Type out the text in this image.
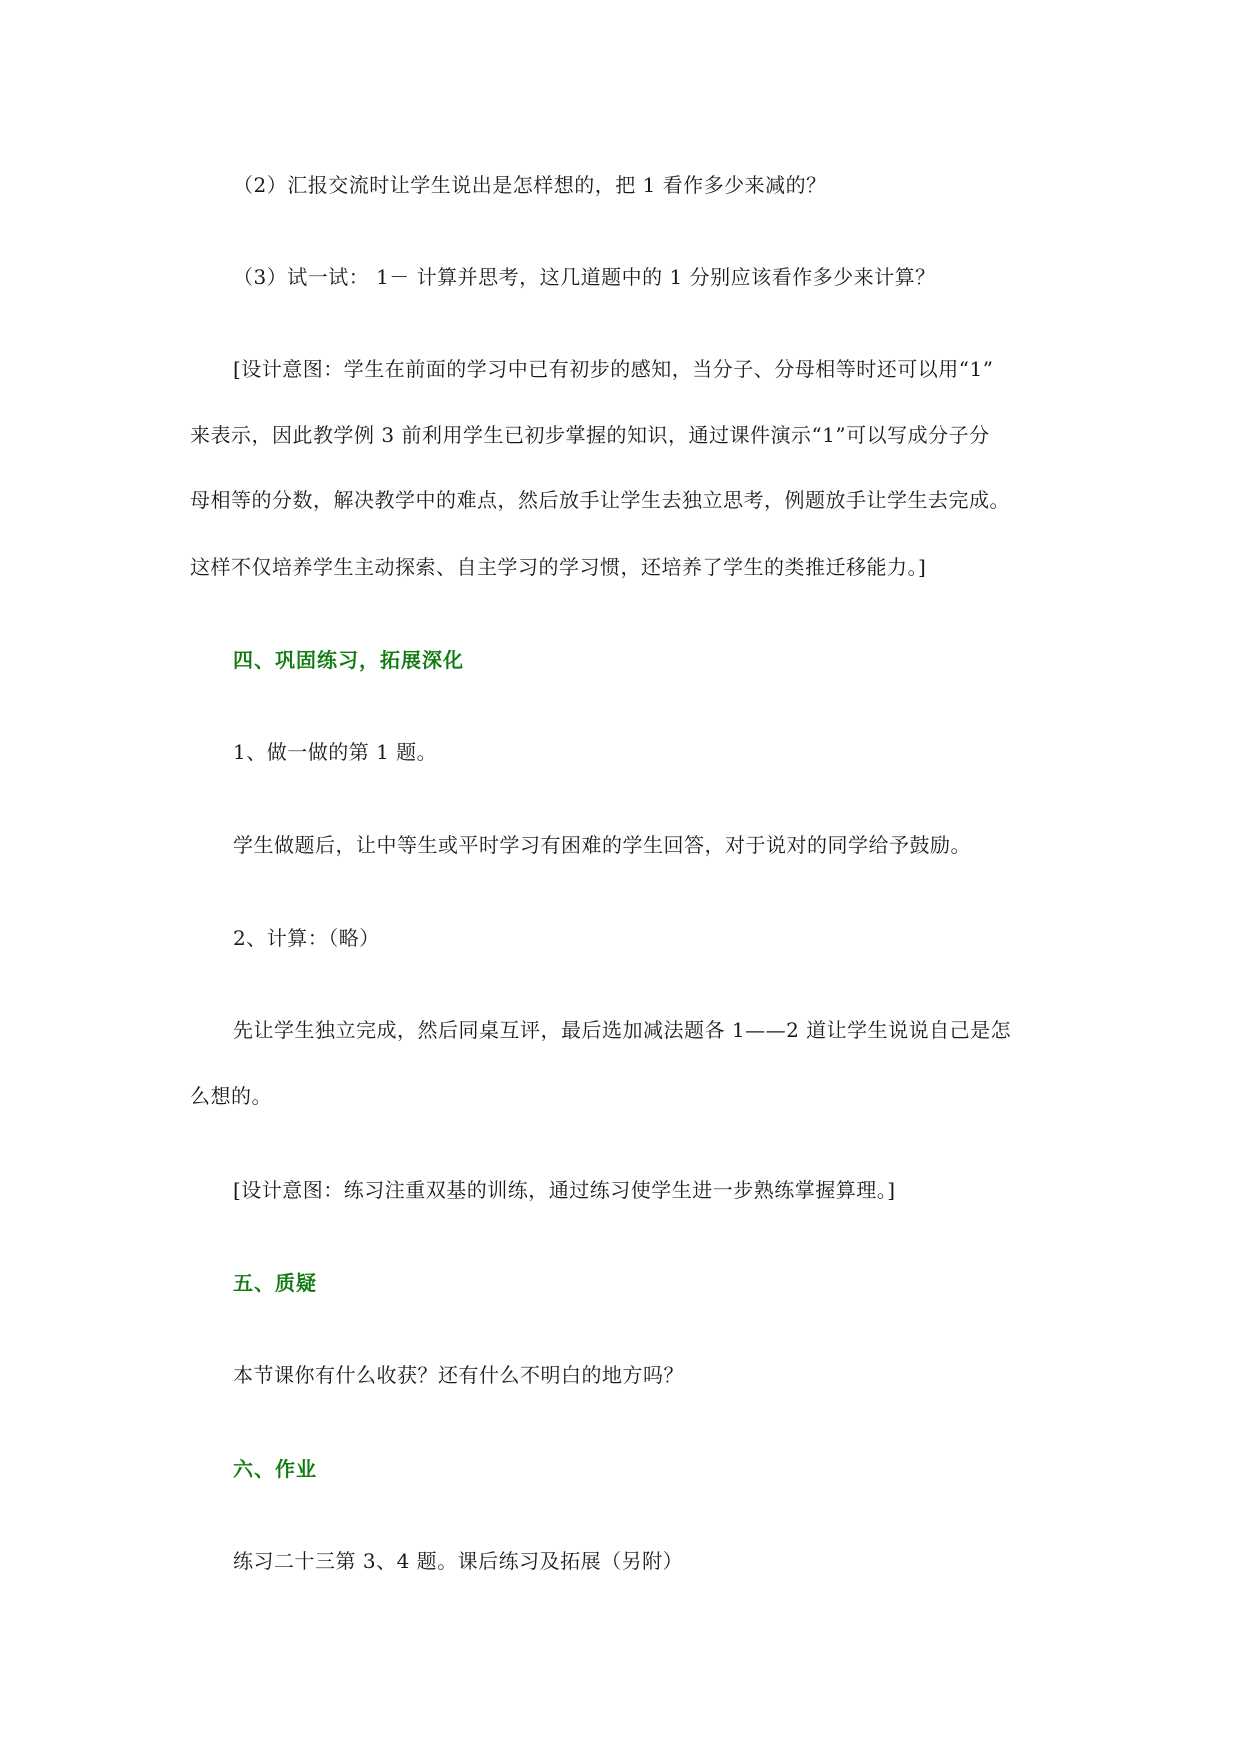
（2）汇报交流时让学生说出是怎样想的，把 1 看作多少来减的？
（3）试一试： 1－ 计算并思考，这几道题中的 1 分别应该看作多少来计算？
[设计意图：学生在前面的学习中已有初步的感知，当分子、分母相等时还可以用“1”
来表示，因此教学例 3 前利用学生已初步掌握的知识，通过课件演示“1”可以写成分子分
母相等的分数，解决教学中的难点，然后放手让学生去独立思考，例题放手让学生去完成。
这样不仅培养学生主动探索、自主学习的学习惯，还培养了学生的类推迁移能力。]
四、巩固练习，拓展深化
1、做一做的第 1 题。
学生做题后，让中等生或平时学习有困难的学生回答，对于说对的同学给予鼓励。
2、计算：（略）
先让学生独立完成，然后同桌互评，最后选加减法题各 1——2 道让学生说说自己是怎
么想的。
[设计意图：练习注重双基的训练，通过练习使学生进一步熟练掌握算理。]
五、质疑
本节课你有什么收获？还有什么不明白的地方吗？
六、作业
练习二十三第 3、4 题。课后练习及拓展（另附）
